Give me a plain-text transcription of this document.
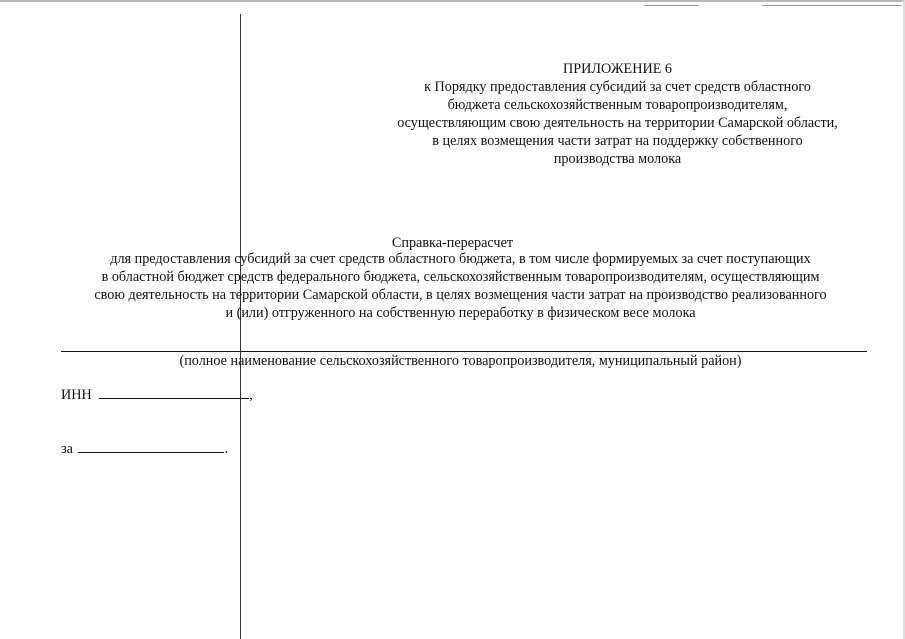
ПРИЛОЖЕНИЕ 6
к Порядку предоставления субсидий за счет средств областного
бюджета сельскохозяйственным товаропроизводителям,
осуществляющим свою деятельность на территории Самарской области,
в целях возмещения части затрат на поддержку собственного
производства молока
Справка-перерасчет
для предоставления субсидий за счет средств областного бюджета, в том числе формируемых за счет поступающих
в областной бюджет средств федерального бюджета, сельскохозяйственным товаропроизводителям, осуществляющим
свою деятельность на территории Самарской области, в целях возмещения части затрат на производство реализованного
и (или) отгруженного на собственную переработку в физическом весе молока
(полное наименование сельскохозяйственного товаропроизводителя, муниципальный район)
ИНН	,
за	.
